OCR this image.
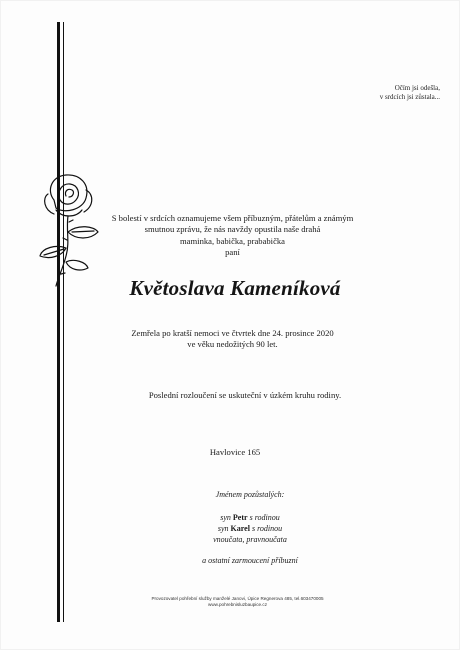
Očím jsi odešla,
v srdcích jsi zůstala...
S bolestí v srdcích oznamujeme všem příbuzným, přátelům a známým
smutnou zprávu, že nás navždy opustila naše drahá
maminka, babička, prababička
paní
Květoslava Kameníková
Zemřela po kratší nemoci ve čtvrtek dne 24. prosince 2020
ve věku nedožitých 90 let.
Poslední rozloučení se uskuteční v úzkém kruhu rodiny.
Havlovice 165
Jménem pozůstalých:
syn Petr s rodinou
syn Karel s rodinou
vnoučata, pravnoučata
a ostatní zarmoucení příbuzní
Provozovatel pohřební služby manželé Janovi, Úpice Regnerova 485, tel.603470005
www.pohrebnisluzbaupice.cz
